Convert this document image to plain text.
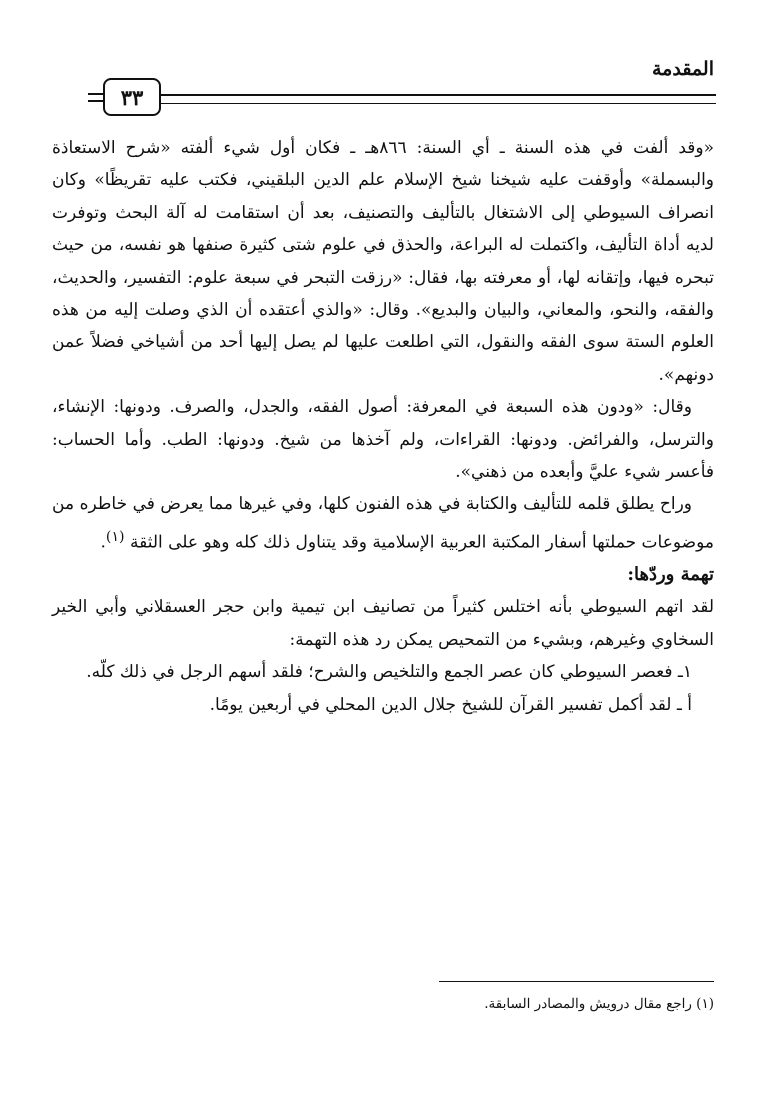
المقدمة
٣٣

«وقد ألفت في هذه السنة ـ أي السنة: ٨٦٦هـ ـ فكان أول شيء ألفته «شرح الاستعاذة والبسملة» وأوقفت عليه شيخنا شيخ الإسلام علم الدين البلقيني، فكتب عليه تقريظًا» وكان انصراف السيوطي إلى الاشتغال بالتأليف والتصنيف، بعد أن استقامت له آلة البحث وتوفرت لديه أداة التأليف، واكتملت له البراعة، والحذق في علوم شتى كثيرة صنفها هو نفسه، من حيث تبحره فيها، وإتقانه لها، أو معرفته بها، فقال: «رزقت التبحر في سبعة علوم: التفسير، والحديث، والفقه، والنحو، والمعاني، والبيان والبديع». وقال: «والذي أعتقده أن الذي وصلت إليه من هذه العلوم الستة سوى الفقه والنقول، التي اطلعت عليها لم يصل إليها أحد من أشياخي فضلاً عمن دونهم».

وقال: «ودون هذه السبعة في المعرفة: أصول الفقه، والجدل، والصرف. ودونها: الإنشاء، والترسل، والفرائض. ودونها: القراءات، ولم آخذها من شيخ. ودونها: الطب. وأما الحساب: فأعسر شيء عليَّ وأبعده من ذهني».

وراح يطلق قلمه للتأليف والكتابة في هذه الفنون كلها، وفي غيرها مما يعرض في خاطره من موضوعات حملتها أسفار المكتبة العربية الإسلامية وقد يتناول ذلك كله وهو على الثقة $^{(١)}$.

تهمة وردّها:

لقد اتهم السيوطي بأنه اختلس كثيراً من تصانيف ابن تيمية وابن حجر العسقلاني وأبي الخير السخاوي وغيرهم، وبشيء من التمحيص يمكن رد هذه التهمة:

١ـ فعصر السيوطي كان عصر الجمع والتلخيص والشرح؛ فلقد أسهم الرجل في ذلك كلّه.

أ ـ لقد أكمل تفسير القرآن للشيخ جلال الدين المحلي في أربعين يومًا.

(١) راجع مقال درويش والمصادر السابقة.
